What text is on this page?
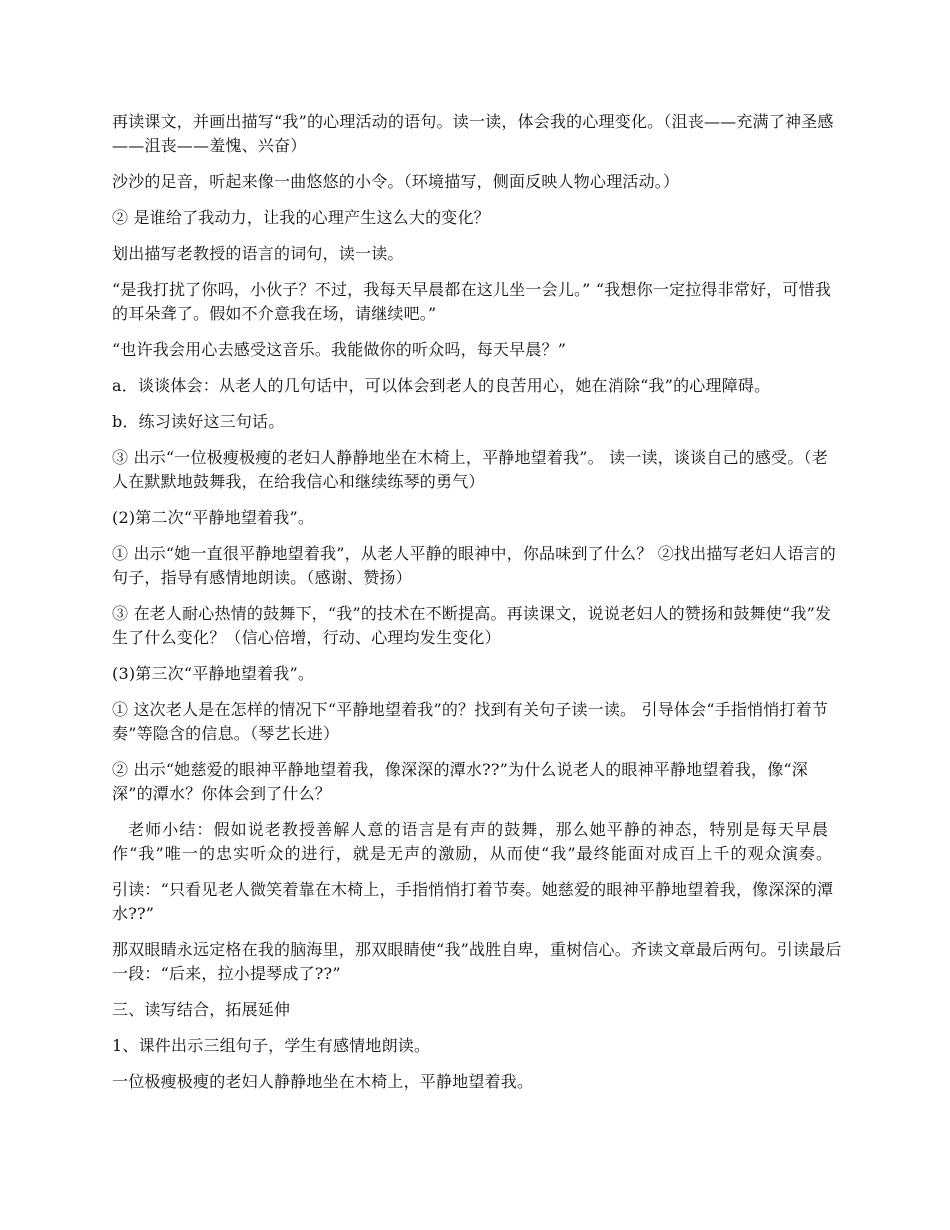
再读课文，并画出描写“我”的心理活动的语句。读一读，体会我的心理变化。（沮丧——充满了神圣感——沮丧——羞愧、兴奋）

沙沙的足音，听起来像一曲悠悠的小令。（环境描写，侧面反映人物心理活动。）

② 是谁给了我动力，让我的心理产生这么大的变化？

划出描写老教授的语言的词句，读一读。

“是我打扰了你吗，小伙子？不过，我每天早晨都在这儿坐一会儿。” “我想你一定拉得非常好，可惜我的耳朵聋了。假如不介意我在场，请继续吧。”

“也许我会用心去感受这音乐。我能做你的听众吗，每天早晨？”

a．谈谈体会：从老人的几句话中，可以体会到老人的良苦用心，她在消除“我”的心理障碍。

b．练习读好这三句话。

③ 出示“一位极瘦极瘦的老妇人静静地坐在木椅上，平静地望着我”。 读一读，谈谈自己的感受。（老人在默默地鼓舞我，在给我信心和继续练琴的勇气）

(2)第二次“平静地望着我”。

① 出示“她一直很平静地望着我”，从老人平静的眼神中，你品味到了什么？ ②找出描写老妇人语言的句子，指导有感情地朗读。（感谢、赞扬）

③ 在老人耐心热情的鼓舞下，“我”的技术在不断提高。再读课文，说说老妇人的赞扬和鼓舞使“我”发生了什么变化？（信心倍增，行动、心理均发生变化）

(3)第三次“平静地望着我”。

① 这次老人是在怎样的情况下“平静地望着我”的？找到有关句子读一读。 引导体会“手指悄悄打着节奏”等隐含的信息。（琴艺长进）

② 出示“她慈爱的眼神平静地望着我，像深深的潭水??”为什么说老人的眼神平静地望着我，像“深深”的潭水？你体会到了什么？

老师小结：假如说老教授善解人意的语言是有声的鼓舞，那么她平静的神态，特别是每天早晨作“我”唯一的忠实听众的进行，就是无声的激励，从而使“我”最终能面对成百上千的观众演奏。

引读：“只看见老人微笑着靠在木椅上，手指悄悄打着节奏。她慈爱的眼神平静地望着我，像深深的潭水??”

那双眼睛永远定格在我的脑海里，那双眼睛使“我”战胜自卑，重树信心。齐读文章最后两句。引读最后一段：“后来，拉小提琴成了??”

三、读写结合，拓展延伸

1、课件出示三组句子，学生有感情地朗读。

一位极瘦极瘦的老妇人静静地坐在木椅上，平静地望着我。
